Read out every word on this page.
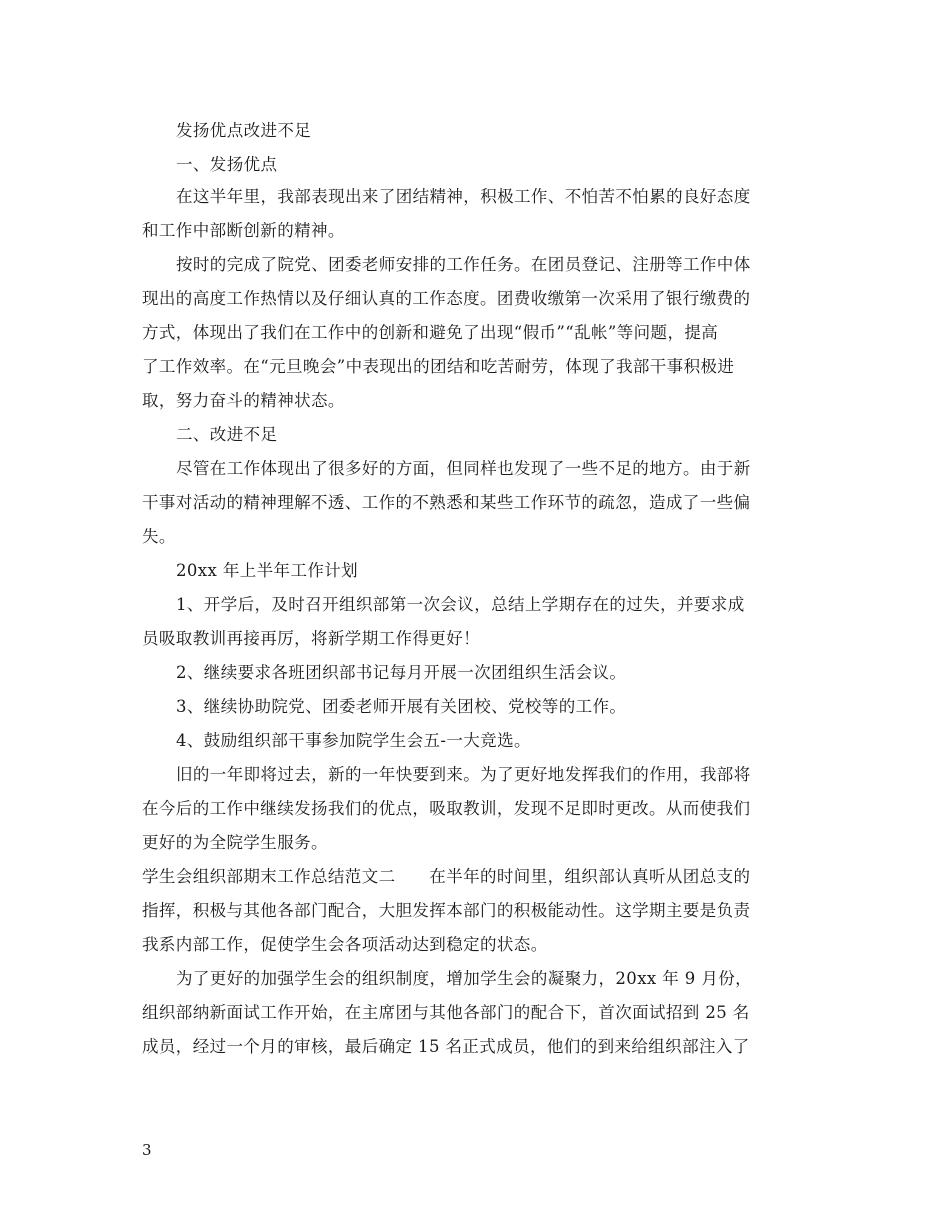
发扬优点改进不足
一、发扬优点
在这半年里，我部表现出来了团结精神，积极工作、不怕苦不怕累的良好态度
和工作中部断创新的精神。
按时的完成了院党、团委老师安排的工作任务。在团员登记、注册等工作中体
现出的高度工作热情以及仔细认真的工作态度。团费收缴第一次采用了银行缴费的
方式，体现出了我们在工作中的创新和避免了出现“假币”“乱帐”等问题，提高
了工作效率。在“元旦晚会”中表现出的团结和吃苦耐劳，体现了我部干事积极进
取，努力奋斗的精神状态。
二、改进不足
尽管在工作体现出了很多好的方面，但同样也发现了一些不足的地方。由于新
干事对活动的精神理解不透、工作的不熟悉和某些工作环节的疏忽，造成了一些偏
失。
20xx 年上半年工作计划
1、开学后，及时召开组织部第一次会议，总结上学期存在的过失，并要求成
员吸取教训再接再厉，将新学期工作得更好！
2、继续要求各班团织部书记每月开展一次团组织生活会议。
3、继续协助院党、团委老师开展有关团校、党校等的工作。
4、鼓励组织部干事参加院学生会五-一大竞选。
旧的一年即将过去，新的一年快要到来。为了更好地发挥我们的作用，我部将
在今后的工作中继续发扬我们的优点，吸取教训，发现不足即时更改。从而使我们
更好的为全院学生服务。
学生会组织部期末工作总结范文二　　在半年的时间里，组织部认真听从团总支的
指挥，积极与其他各部门配合，大胆发挥本部门的积极能动性。这学期主要是负责
我系内部工作，促使学生会各项活动达到稳定的状态。
为了更好的加强学生会的组织制度，增加学生会的凝聚力，20xx 年 9 月份，
组织部纳新面试工作开始，在主席团与其他各部门的配合下，首次面试招到 25 名
成员，经过一个月的审核，最后确定 15 名正式成员，他们的到来给组织部注入了
3
